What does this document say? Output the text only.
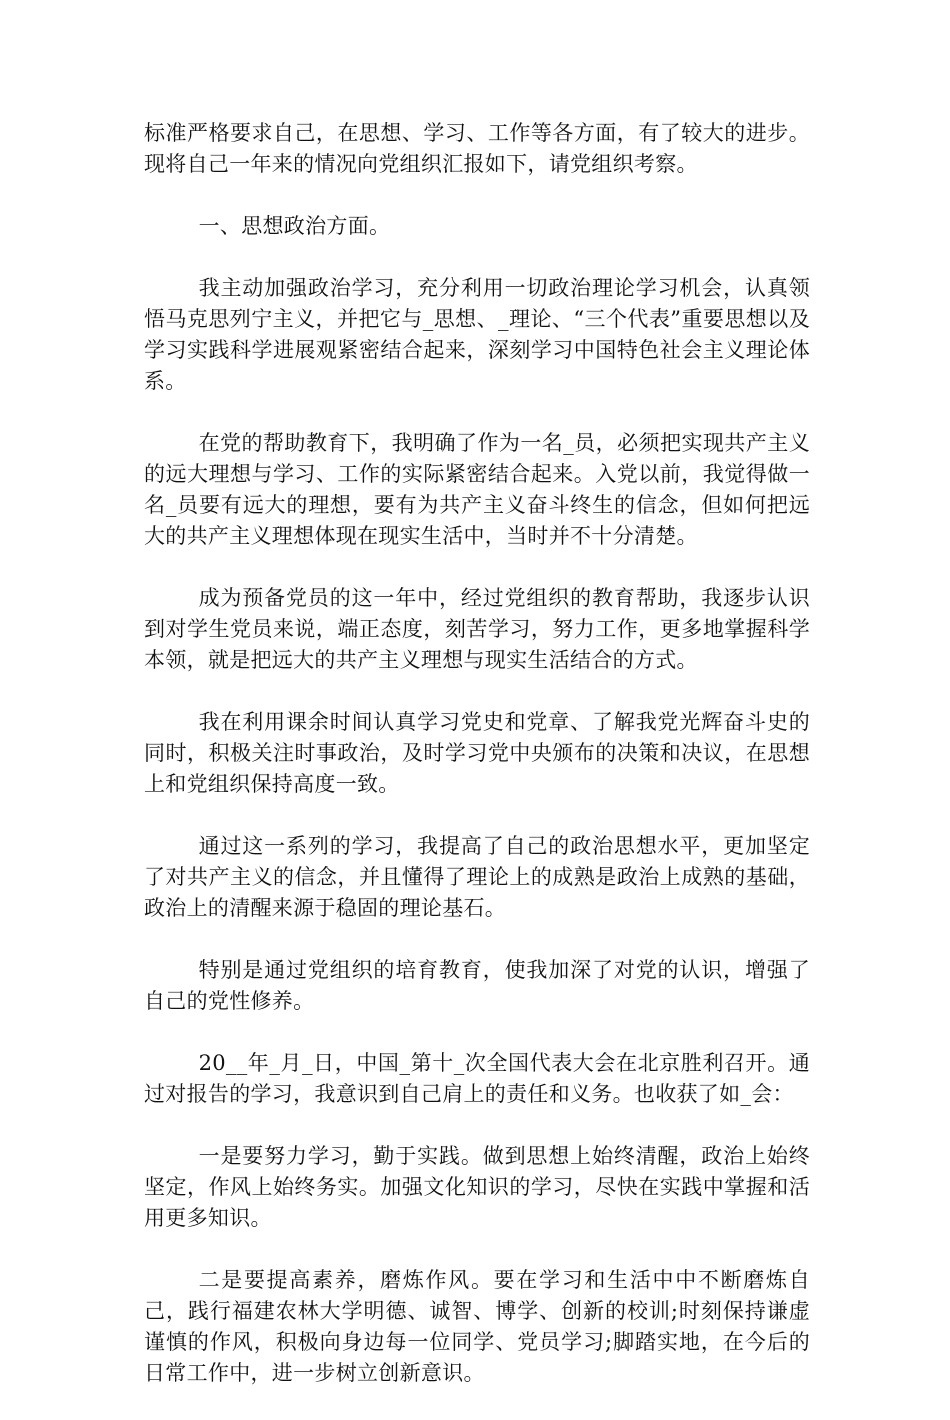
标准严格要求自己，在思想、学习、工作等各方面，有了较大的进步。现将自己一年来的情况向党组织汇报如下，请党组织考察。

一、思想政治方面。

我主动加强政治学习，充分利用一切政治理论学习机会，认真领悟马克思列宁主义，并把它与_思想、_理论、“三个代表”重要思想以及学习实践科学进展观紧密结合起来，深刻学习中国特色社会主义理论体系。

在党的帮助教育下，我明确了作为一名_员，必须把实现共产主义的远大理想与学习、工作的实际紧密结合起来。入党以前，我觉得做一名_员要有远大的理想，要有为共产主义奋斗终生的信念，但如何把远大的共产主义理想体现在现实生活中，当时并不十分清楚。

成为预备党员的这一年中，经过党组织的教育帮助，我逐步认识到对学生党员来说，端正态度，刻苦学习，努力工作，更多地掌握科学本领，就是把远大的共产主义理想与现实生活结合的方式。

我在利用课余时间认真学习党史和党章、了解我党光辉奋斗史的同时，积极关注时事政治，及时学习党中央颁布的决策和决议，在思想上和党组织保持高度一致。

通过这一系列的学习，我提高了自己的政治思想水平，更加坚定了对共产主义的信念，并且懂得了理论上的成熟是政治上成熟的基础，政治上的清醒来源于稳固的理论基石。

特别是通过党组织的培育教育，使我加深了对党的认识，增强了自己的党性修养。

20__年_月_日，中国_第十_次全国代表大会在北京胜利召开。通过对报告的学习，我意识到自己肩上的责任和义务。也收获了如_会：

一是要努力学习，勤于实践。做到思想上始终清醒，政治上始终坚定，作风上始终务实。加强文化知识的学习，尽快在实践中掌握和活用更多知识。

二是要提高素养，磨炼作风。要在学习和生活中中不断磨炼自己，践行福建农林大学明德、诚智、博学、创新的校训;时刻保持谦虚谨慎的作风，积极向身边每一位同学、党员学习;脚踏实地，在今后的日常工作中，进一步树立创新意识。
